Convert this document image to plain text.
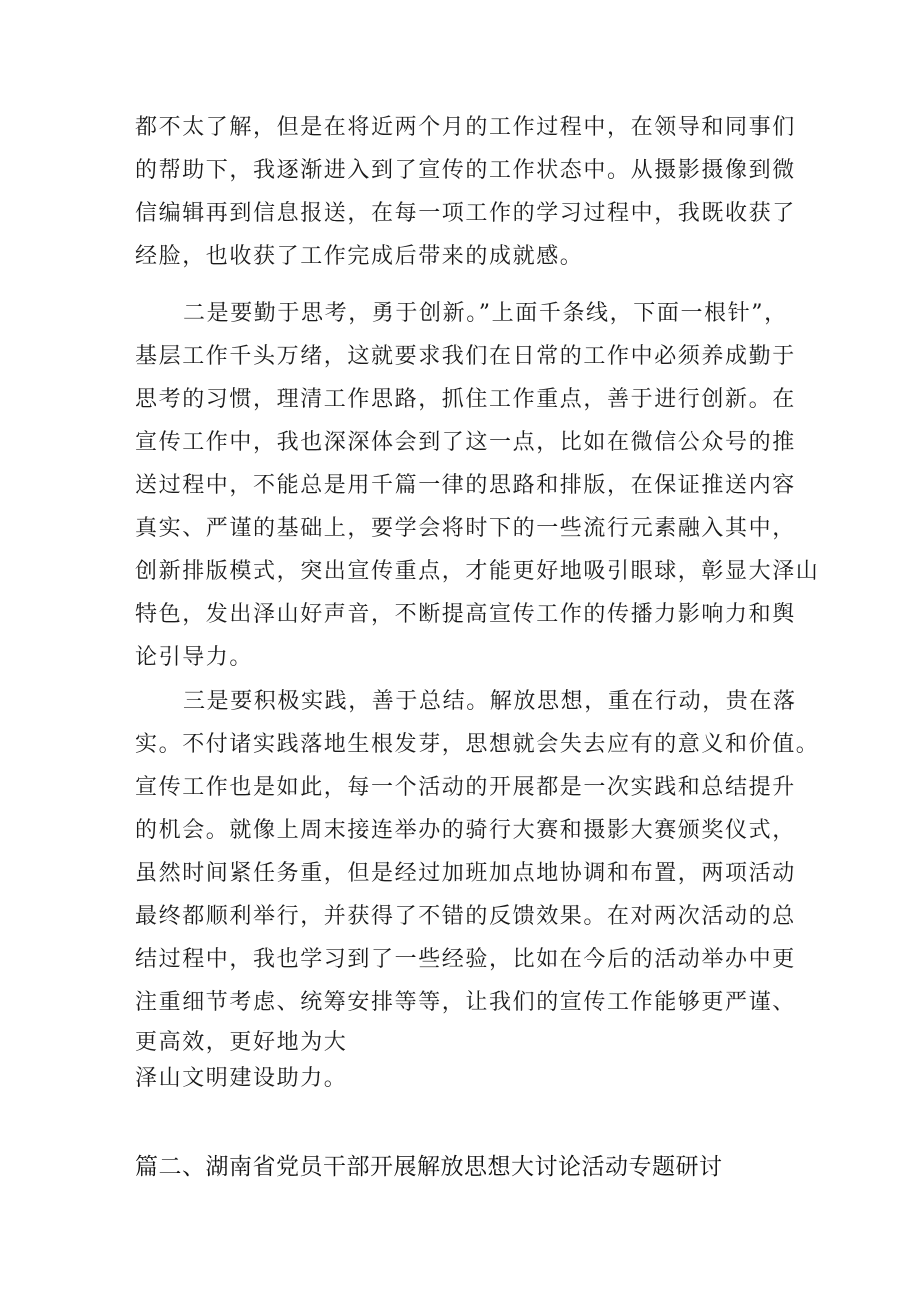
都不太了解，但是在将近两个月的工作过程中，在领导和同事们
的帮助下，我逐渐进入到了宣传的工作状态中。从摄影摄像到微
信编辑再到信息报送，在每一项工作的学习过程中，我既收获了
经脸，也收获了工作完成后带来的成就感。
二是要勤于思考，勇于创新。”上面千条线，下面一根针”，
基层工作千头万绪，这就要求我们在日常的工作中必须养成勤于
思考的习惯，理清工作思路，抓住工作重点，善于进行创新。在
宣传工作中，我也深深体会到了这一点，比如在微信公众号的推
送过程中，不能总是用千篇一律的思路和排版，在保证推送内容
真实、严谨的基础上，要学会将时下的一些流行元素融入其中，
创新排版模式，突出宣传重点，才能更好地吸引眼球，彰显大泽山
特色，发出泽山好声音，不断提高宣传工作的传播力影响力和舆
论引导力。
三是要积极实践，善于总结。解放思想，重在行动，贵在落
实。不付诸实践落地生根发芽，思想就会失去应有的意义和价值。
宣传工作也是如此，每一个活动的开展都是一次实践和总结提升
的机会。就像上周末接连举办的骑行大赛和摄影大赛颁奖仪式，
虽然时间紧任务重，但是经过加班加点地协调和布置，两项活动
最终都顺利举行，并获得了不错的反馈效果。在对两次活动的总
结过程中，我也学习到了一些经验，比如在今后的活动举办中更
注重细节考虑、统筹安排等等，让我们的宣传工作能够更严谨、
更高效，更好地为大
泽山文明建设助力。
篇二、湖南省党员干部开展解放思想大讨论活动专题研讨
